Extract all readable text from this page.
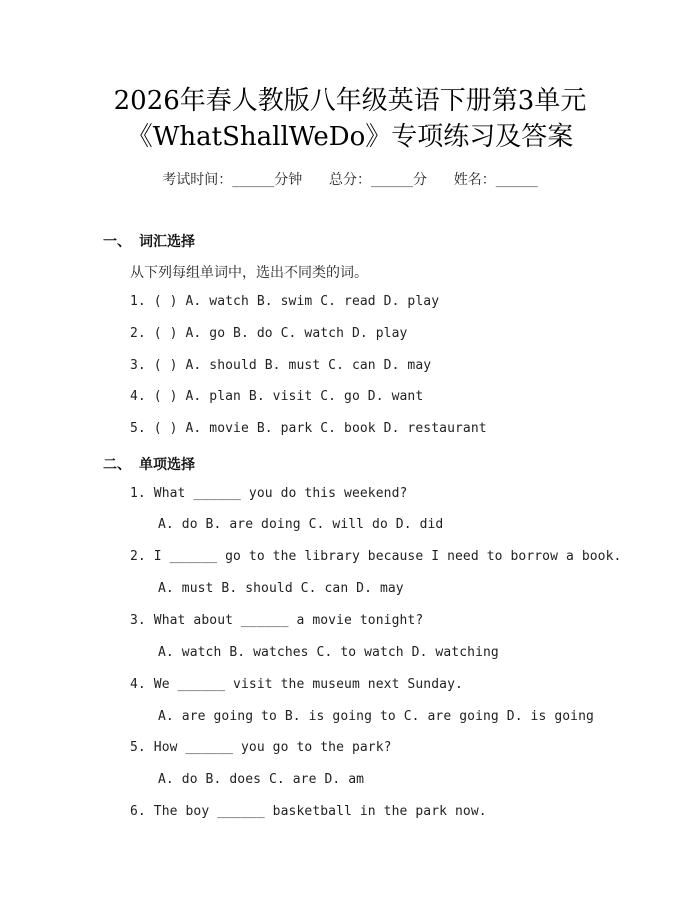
2026年春人教版八年级英语下册第3单元
《WhatShallWeDo》专项练习及答案
考试时间：______分钟      总分：______分      姓名：______
一、 词汇选择
从下列每组单词中，选出不同类的词。
1. ( ) A. watch B. swim C. read D. play
2. ( ) A. go B. do C. watch D. play
3. ( ) A. should B. must C. can D. may
4. ( ) A. plan B. visit C. go D. want
5. ( ) A. movie B. park C. book D. restaurant
二、 单项选择
1. What ______ you do this weekend?
A. do B. are doing C. will do D. did
2. I ______ go to the library because I need to borrow a book.
A. must B. should C. can D. may
3. What about ______ a movie tonight?
A. watch B. watches C. to watch D. watching
4. We ______ visit the museum next Sunday.
A. are going to B. is going to C. are going D. is going
5. How ______ you go to the park?
A. do B. does C. are D. am
6. The boy ______ basketball in the park now.
